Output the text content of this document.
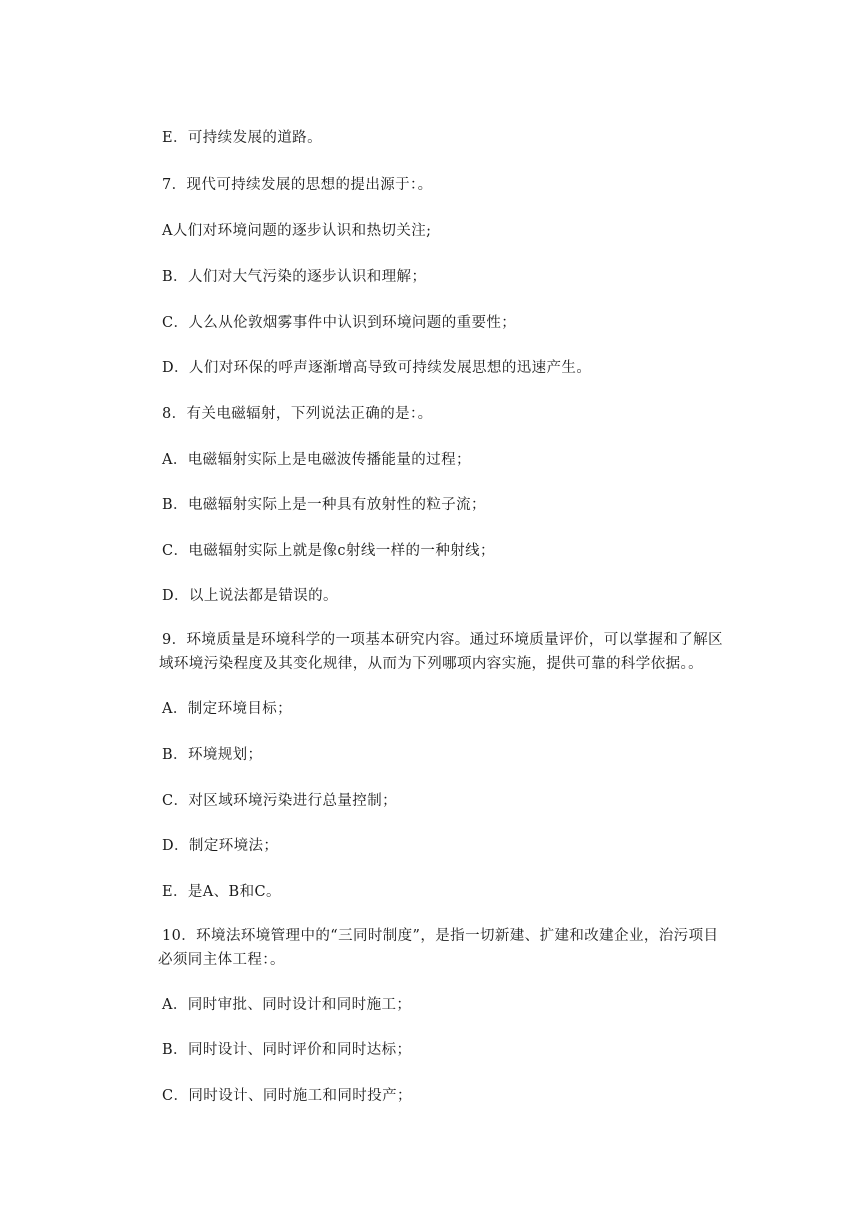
E．可持续发展的道路。
7．现代可持续发展的思想的提出源于：。
A人们对环境问题的逐步认识和热切关注;
B．人们对大气污染的逐步认识和理解；
C．人么从伦敦烟雾事件中认识到环境问题的重要性；
D．人们对环保的呼声逐渐增高导致可持续发展思想的迅速产生。
8．有关电磁辐射，下列说法正确的是：。
A．电磁辐射实际上是电磁波传播能量的过程；
B．电磁辐射实际上是一种具有放射性的粒子流；
C．电磁辐射实际上就是像c射线一样的一种射线；
D．以上说法都是错误的。
9．环境质量是环境科学的一项基本研究内容。通过环境质量评价，可以掌握和了解区
域环境污染程度及其变化规律，从而为下列哪项内容实施，提供可靠的科学依据。。
A．制定环境目标；
B．环境规划；
C．对区域环境污染进行总量控制；
D．制定环境法；
E．是A、B和C。
10．环境法环境管理中的“三同时制度”，是指一切新建、扩建和改建企业，治污项目
必须同主体工程：。
A．同时审批、同时设计和同时施工；
B．同时设计、同时评价和同时达标；
C．同时设计、同时施工和同时投产；
